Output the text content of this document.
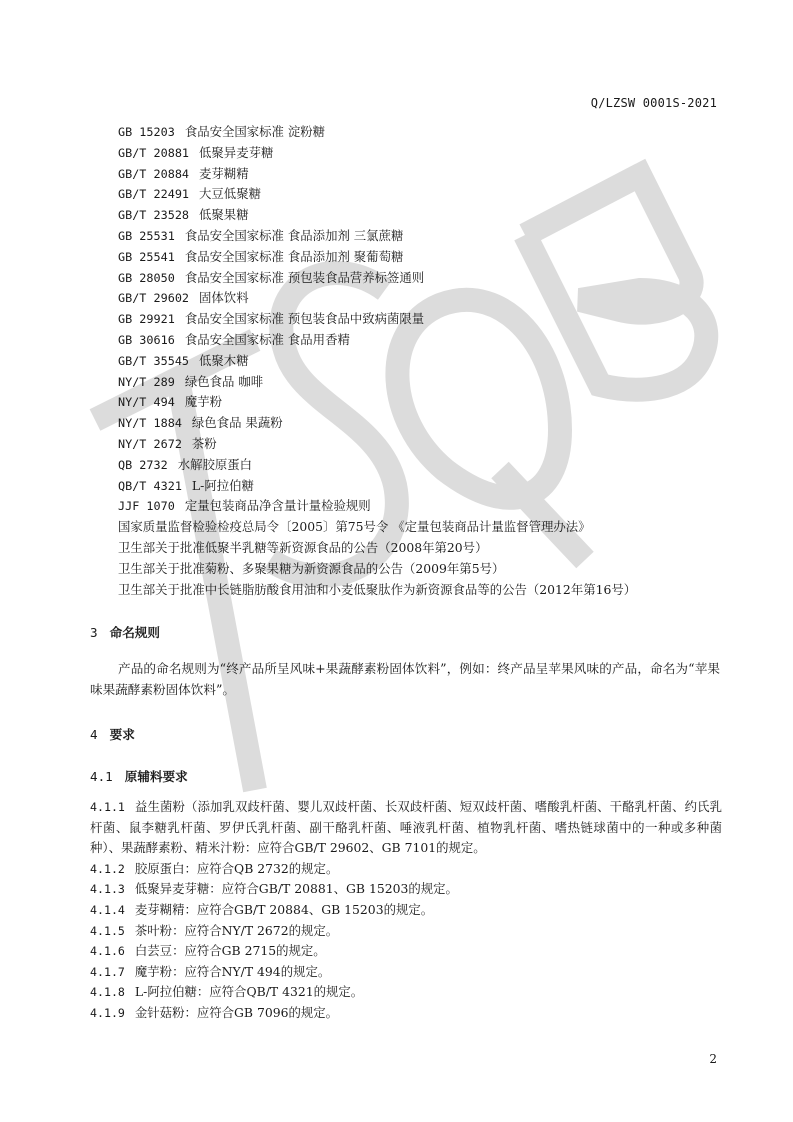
TSQB
Q/LZSW 0001S-2021
GB 15203 食品安全国家标准 淀粉糖
GB/T 20881 低聚异麦芽糖
GB/T 20884 麦芽糊精
GB/T 22491 大豆低聚糖
GB/T 23528 低聚果糖
GB 25531 食品安全国家标准 食品添加剂 三氯蔗糖
GB 25541 食品安全国家标准 食品添加剂 聚葡萄糖
GB 28050 食品安全国家标准 预包装食品营养标签通则
GB/T 29602 固体饮料
GB 29921 食品安全国家标准 预包装食品中致病菌限量
GB 30616 食品安全国家标准 食品用香精
GB/T 35545 低聚木糖
NY/T 289 绿色食品 咖啡
NY/T 494 魔芋粉
NY/T 1884 绿色食品 果蔬粉
NY/T 2672 茶粉
QB 2732 水解胶原蛋白
QB/T 4321 L-阿拉伯糖
JJF 1070 定量包装商品净含量计量检验规则
国家质量监督检验检疫总局令〔2005〕第75号令 《定量包装商品计量监督管理办法》
卫生部关于批准低聚半乳糖等新资源食品的公告（2008年第20号）
卫生部关于批准菊粉、多聚果糖为新资源食品的公告（2009年第5号）
卫生部关于批准中长链脂肪酸食用油和小麦低聚肽作为新资源食品等的公告（2012年第16号）
3 命名规则

产品的命名规则为“终产品所呈风味+果蔬酵素粉固体饮料”，例如：终产品呈苹果风味的产品，命名为“苹果味果蔬酵素粉固体饮料”。

4 要求
4.1 原辅料要求
4.1.1 益生菌粉（添加乳双歧杆菌、婴儿双歧杆菌、长双歧杆菌、短双歧杆菌、嗜酸乳杆菌、干酪乳杆菌、约氏乳杆菌、鼠李糖乳杆菌、罗伊氏乳杆菌、副干酪乳杆菌、唾液乳杆菌、植物乳杆菌、嗜热链球菌中的一种或多种菌种）、果蔬酵素粉、精米汁粉：应符合GB/T 29602、GB 7101的规定。
4.1.2 胶原蛋白：应符合QB 2732的规定。
4.1.3 低聚异麦芽糖：应符合GB/T 20881、GB 15203的规定。
4.1.4 麦芽糊精：应符合GB/T 20884、GB 15203的规定。
4.1.5 茶叶粉：应符合NY/T 2672的规定。
4.1.6 白芸豆：应符合GB 2715的规定。
4.1.7 魔芋粉：应符合NY/T 494的规定。
4.1.8 L-阿拉伯糖：应符合QB/T 4321的规定。
4.1.9 金针菇粉：应符合GB 7096的规定。
2
